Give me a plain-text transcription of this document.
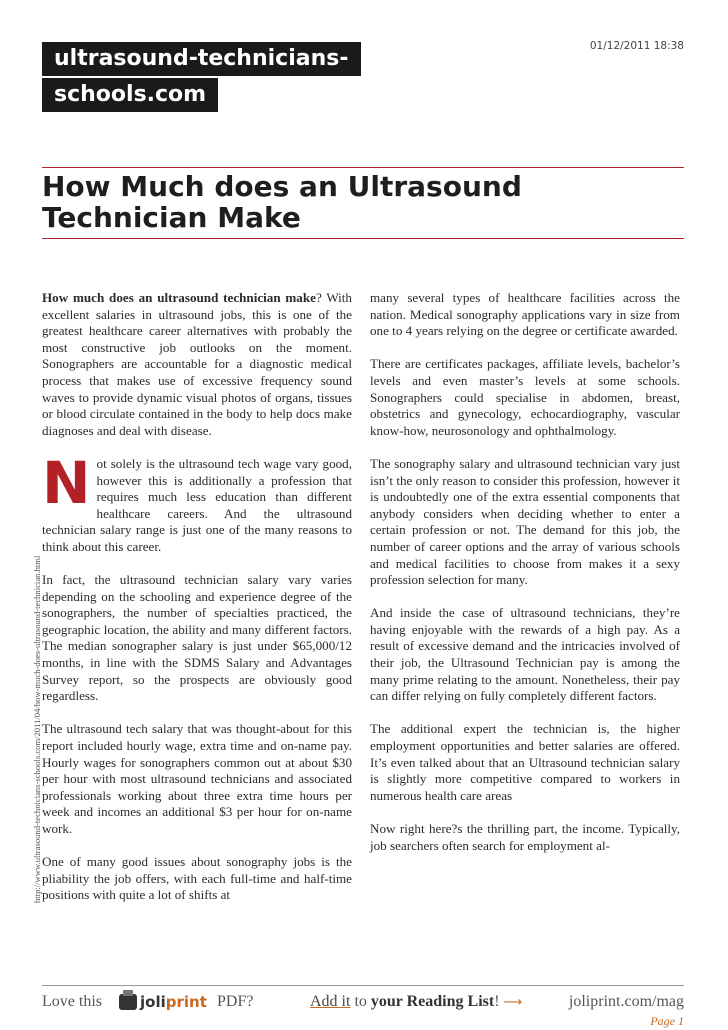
http://www.ultrasound-technicians-schools.com/2011/04/how-much-does-ultrasound-technician.html
01/12/2011 18:38
ultrasound-technicians-
schools.com
How Much does an Ultrasound Technician Make

How much does an ultrasound technician make? With excellent salaries in ultrasound jobs, this is one of the greatest healthcare career alternatives with probably the most constructive job outlooks on the moment. Sonographers are accountable for a diagnostic medical process that makes use of excessive frequency sound waves to provide dynamic visual photos of organs, tissues or blood circulate contained in the body to help docs make diagnoses and deal with disease.

Not solely is the ultrasound tech wage vary good, however this is additionally a profession that requires much less education than different healthcare careers. And the ultrasound technician salary range is just one of the many reasons to think about this career.

In fact, the ultrasound technician salary vary varies depending on the schooling and experience degree of the sonographers, the number of specialties practiced, the geographic location, the ability and many different factors. The median sonographer salary is just under $65,000/12 months, in line with the SDMS Salary and Advantages Survey report, so the prospects are obviously good regardless.

The ultrasound tech salary that was thought-about for this report included hourly wage, extra time and on-name pay. Hourly wages for sonographers common out at about $30 per hour with most ultrasound technicians and associated professionals working about three extra time hours per week and incomes an additional $3 per hour for on-name work.

One of many good issues about sonography jobs is the pliability the job offers, with each full-time and half-time positions with quite a lot of shifts at

many several types of healthcare facilities across the nation. Medical sonography applications vary in size from one to 4 years relying on the degree or certificate awarded.

There are certificates packages, affiliate levels, bachelor’s levels and even master’s levels at some schools. Sonographers could specialise in abdomen, breast, obstetrics and gynecology, echocardiography, vascular know-how, neurosonology and ophthalmology.

The sonography salary and ultrasound technician vary just isn’t the only reason to consider this profession, however it is undoubtedly one of the extra essential components that anybody considers when deciding whether to enter a certain profession or not. The demand for this job, the number of career options and the array of various schools and medical facilities to choose from makes it a sexy profession selection for many.

And inside the case of ultrasound technicians, they’re having enjoyable with the rewards of a high pay. As a result of excessive demand and the intricacies involved of their job, the Ultrasound Technician pay is among the many prime relating to the amount. Nonetheless, their pay can differ relying on fully completely different factors.

The additional expert the technician is, the higher employment opportunities and better salaries are offered. It’s even talked about that an Ultrasound technician salary is slightly more competitive compared to workers in numerous health care areas

Now right here?s the thrilling part, the income. Typically, job searchers often search for employment al-

Love this	joliprint PDF?	Add it to your Reading List! ⟶	joliprint.com/mag
Page 1
